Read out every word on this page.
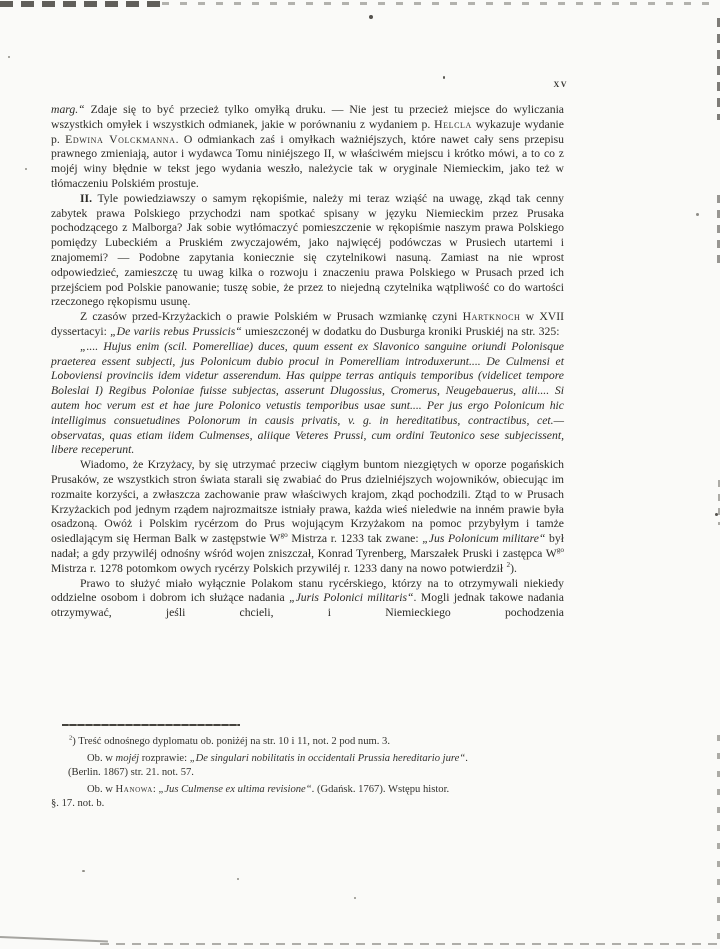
xv

marg.“ Zdaje się to być przecież tylko omyłką druku. — Nie jest tu przecież miejsce do wyliczania wszystkich omyłek i wszystkich odmianek, jakie w porównaniu z wydaniem p. Helcla wykazuje wydanie p. Edwina Volckmanna. O odmiankach zaś i omyłkach ważniéjszych, które nawet cały sens przepisu prawnego zmieniają, autor i wydawca Tomu niniéjszego II, w właściwém miejscu i krótko mówi, a to co z mojéj winy błędnie w tekst jego wydania weszło, należycie tak w oryginale Niemieckim, jako też w tłómaczeniu Polskiém prostuje.

II. Tyle powiedziawszy o samym rękopiśmie, należy mi teraz wziąść na uwagę, zkąd tak cenny zabytek prawa Polskiego przychodzi nam spotkać spisany w języku Niemieckim przez Prusaka pochodzącego z Malborga? Jak sobie wytłómaczyć pomieszczenie w rękopiśmie naszym prawa Polskiego pomiędzy Lubeckiém a Pruskiém zwyczajowém, jako najwięcéj podówczas w Prusiech utartemi i znajomemi? — Podobne zapytania koniecznie się czytelnikowi nasuną. Zamiast na nie wprost odpowiedzieć, zamieszczę tu uwag kilka o rozwoju i znaczeniu prawa Polskiego w Prusach przed ich przejściem pod Polskie panowanie; tuszę sobie, że przez to niejedną czytelnika wątpliwość co do wartości rzeczonego rękopismu usunę.

Z czasów przed-Krzyżackich o prawie Polskiém w Prusach wzmiankę czyni Hartknoch w XVII dyssertacyi: „De variis rebus Prussicis“ umieszczonéj w dodatku do Dusburga kroniki Pruskiéj na str. 325:

„.... Hujus enim (scil. Pomerelliae) duces, quum essent ex Slavonico sanguine oriundi Polonisque praeterea essent subjecti, jus Polonicum dubio procul in Pomerelliam introduxerunt.... De Culmensi et Loboviensi provinciis idem videtur asserendum. Has quippe terras antiquis temporibus (videlicet tempore Boleslai I) Regibus Poloniae fuisse subjectas, asserunt Dlugossius, Cromerus, Neugebauerus, alii.... Si autem hoc verum est et hae jure Polonico vetustis temporibus usae sunt.... Per jus ergo Polonicum hic intelligimus consuetudines Polonorum in causis privatis, v. g. in hereditatibus, contractibus, cet.—observatas, quas etiam iidem Culmenses, aliique Veteres Prussi, cum ordini Teutonico sese subjecissent, libere receperunt.

Wiadomo, że Krzyżacy, by się utrzymać przeciw ciągłym buntom niezgiętych w oporze pogańskich Prusaków, ze wszystkich stron świata starali się zwabiać do Prus dzielniéjszych wojowników, obiecując im rozmaite korzyści, a zwłaszcza zachowanie praw właściwych krajom, zkąd pochodzili. Ztąd to w Prusach Krzyżackich pod jednym rządem najrozmaitsze istniały prawa, każda wieś nieledwie na inném prawie była osadzoną. Owóż i Polskim rycérzom do Prus wojującym Krzyżakom na pomoc przybyłym i tamże osiedlającym się Herman Balk w zastępstwie $W^{go}$ Mistrza r. 1233 tak zwane: „Jus Polonicum militare“ był nadał; a gdy przywiléj odnośny wśród wojen zniszczał, Konrad Tyrenberg, Marszałek Pruski i zastępca $W^{go}$ Mistrza r. 1278 potomkom owych rycérzy Polskich przywiléj r. 1233 dany na nowo potwierdził $^2$).

Prawo to służyć miało wyłącznie Polakom stanu rycérskiego, którzy na to otrzymywali niekiedy oddzielne osobom i dobrom ich służące nadania „Juris Polonici militaris“. Mogli jednak takowe nadania otrzymywać, jeśli chcieli, i Niemieckiego pochodzenia

$^2$) Treść odnośnego dyplomatu ob. poniżéj na str. 10 i 11, not. 2 pod num. 3.
Ob. w mojéj rozprawie: „De singulari nobilitatis in occidentali Prussia hereditario jure“.
(Berlin. 1867) str. 21. not. 57.
Ob. w Hanowa: „Jus Culmense ex ultima revisione“. (Gdańsk. 1767). Wstępu histor.
§. 17. not. b.
